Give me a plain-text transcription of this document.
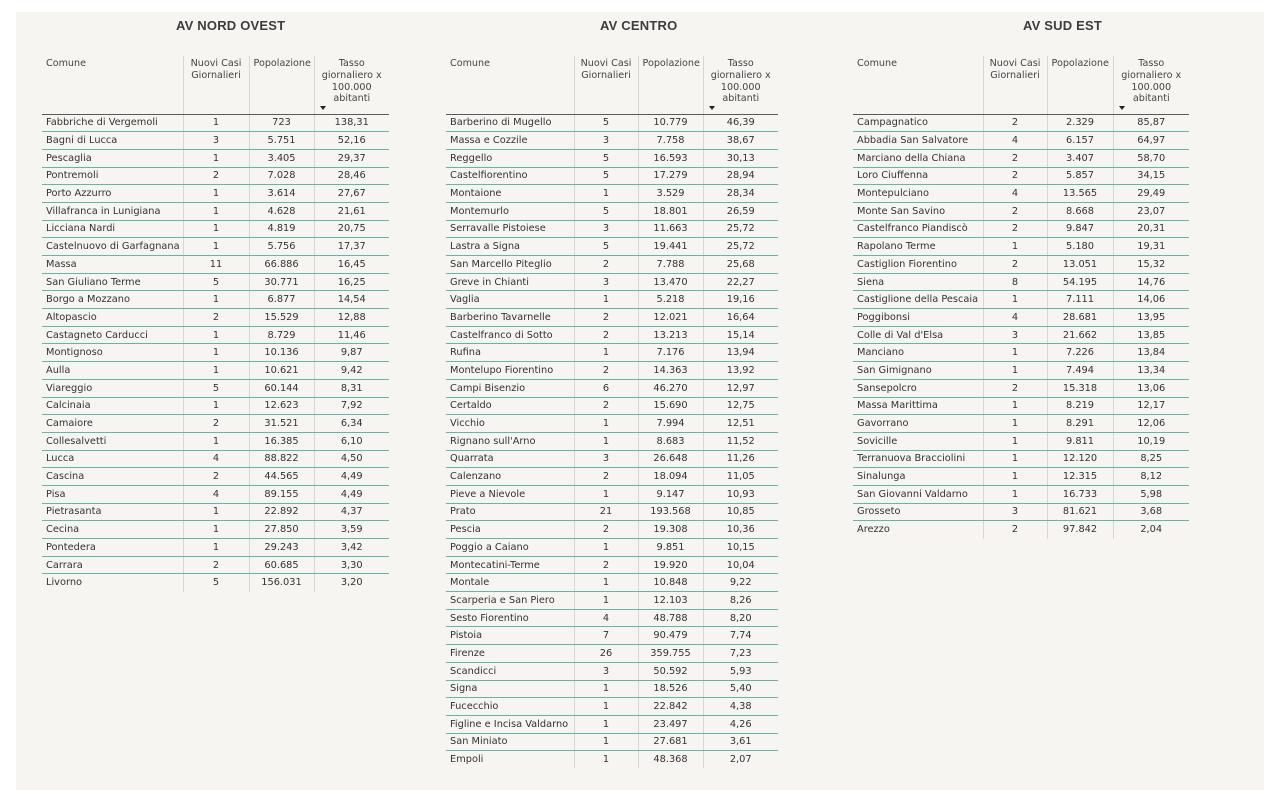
AV NORD OVEST
Comune	Nuovi Casi Giornalieri	Popolazione	Tasso giornaliero x 100.000 abitanti

Fabbriche di Vergemoli	1	723	138,31
Bagni di Lucca	3	5.751	52,16
Pescaglia	1	3.405	29,37
Pontremoli	2	7.028	28,46
Porto Azzurro	1	3.614	27,67
Villafranca in Lunigiana	1	4.628	21,61
Licciana Nardi	1	4.819	20,75
Castelnuovo di Garfagnana	1	5.756	17,37
Massa	11	66.886	16,45
San Giuliano Terme	5	30.771	16,25
Borgo a Mozzano	1	6.877	14,54
Altopascio	2	15.529	12,88
Castagneto Carducci	1	8.729	11,46
Montignoso	1	10.136	9,87
Aulla	1	10.621	9,42
Viareggio	5	60.144	8,31
Calcinaia	1	12.623	7,92
Camaiore	2	31.521	6,34
Collesalvetti	1	16.385	6,10
Lucca	4	88.822	4,50
Cascina	2	44.565	4,49
Pisa	4	89.155	4,49
Pietrasanta	1	22.892	4,37
Cecina	1	27.850	3,59
Pontedera	1	29.243	3,42
Carrara	2	60.685	3,30
Livorno	5	156.031	3,20
AV CENTRO
Comune	Nuovi Casi Giornalieri	Popolazione	Tasso giornaliero x 100.000 abitanti

Barberino di Mugello	5	10.779	46,39
Massa e Cozzile	3	7.758	38,67
Reggello	5	16.593	30,13
Castelfiorentino	5	17.279	28,94
Montaione	1	3.529	28,34
Montemurlo	5	18.801	26,59
Serravalle Pistoiese	3	11.663	25,72
Lastra a Signa	5	19.441	25,72
San Marcello Piteglio	2	7.788	25,68
Greve in Chianti	3	13.470	22,27
Vaglia	1	5.218	19,16
Barberino Tavarnelle	2	12.021	16,64
Castelfranco di Sotto	2	13.213	15,14
Rufina	1	7.176	13,94
Montelupo Fiorentino	2	14.363	13,92
Campi Bisenzio	6	46.270	12,97
Certaldo	2	15.690	12,75
Vicchio	1	7.994	12,51
Rignano sull'Arno	1	8.683	11,52
Quarrata	3	26.648	11,26
Calenzano	2	18.094	11,05
Pieve a Nievole	1	9.147	10,93
Prato	21	193.568	10,85
Pescia	2	19.308	10,36
Poggio a Caiano	1	9.851	10,15
Montecatini-Terme	2	19.920	10,04
Montale	1	10.848	9,22
Scarperia e San Piero	1	12.103	8,26
Sesto Fiorentino	4	48.788	8,20
Pistoia	7	90.479	7,74
Firenze	26	359.755	7,23
Scandicci	3	50.592	5,93
Signa	1	18.526	5,40
Fucecchio	1	22.842	4,38
Figline e Incisa Valdarno	1	23.497	4,26
San Miniato	1	27.681	3,61
Empoli	1	48.368	2,07
AV SUD EST
Comune	Nuovi Casi Giornalieri	Popolazione	Tasso giornaliero x 100.000 abitanti

Campagnatico	2	2.329	85,87
Abbadia San Salvatore	4	6.157	64,97
Marciano della Chiana	2	3.407	58,70
Loro Ciuffenna	2	5.857	34,15
Montepulciano	4	13.565	29,49
Monte San Savino	2	8.668	23,07
Castelfranco Piandiscò	2	9.847	20,31
Rapolano Terme	1	5.180	19,31
Castiglion Fiorentino	2	13.051	15,32
Siena	8	54.195	14,76
Castiglione della Pescaia	1	7.111	14,06
Poggibonsi	4	28.681	13,95
Colle di Val d'Elsa	3	21.662	13,85
Manciano	1	7.226	13,84
San Gimignano	1	7.494	13,34
Sansepolcro	2	15.318	13,06
Massa Marittima	1	8.219	12,17
Gavorrano	1	8.291	12,06
Sovicille	1	9.811	10,19
Terranuova Bracciolini	1	12.120	8,25
Sinalunga	1	12.315	8,12
San Giovanni Valdarno	1	16.733	5,98
Grosseto	3	81.621	3,68
Arezzo	2	97.842	2,04
